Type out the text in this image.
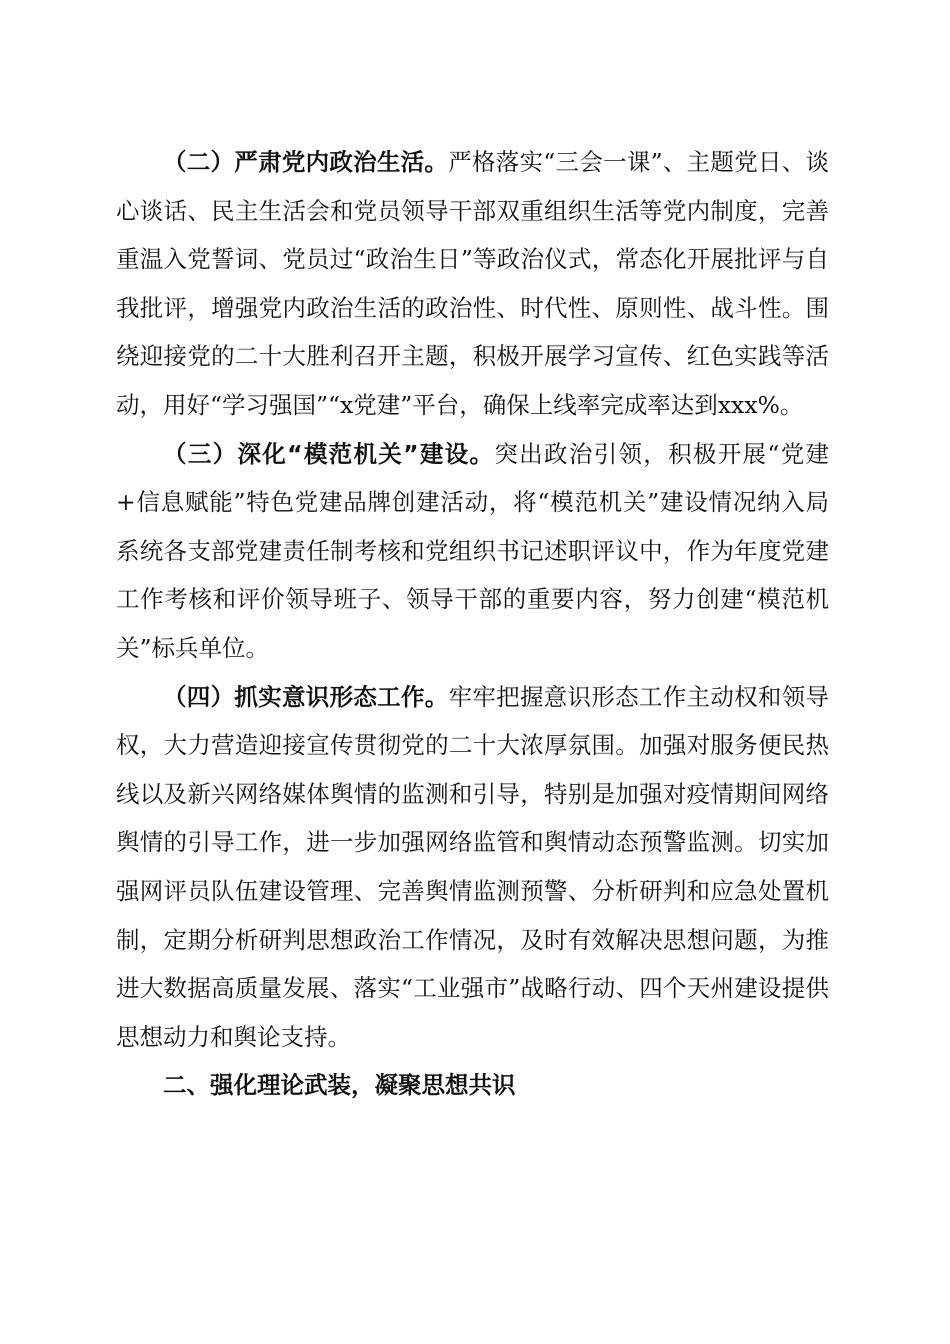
（二）严肃党内政治生活。严格落实“三会一课”、主题党日、谈心谈话、民主生活会和党员领导干部双重组织生活等党内制度，完善重温入党誓词、党员过“政治生日”等政治仪式，常态化开展批评与自我批评，增强党内政治生活的政治性、时代性、原则性、战斗性。围绕迎接党的二十大胜利召开主题，积极开展学习宣传、红色实践等活动，用好“学习强国”“x党建”平台，确保上线率完成率达到xxx%。

（三）深化“模范机关”建设。突出政治引领，积极开展“党建+信息赋能”特色党建品牌创建活动，将“模范机关”建设情况纳入局系统各支部党建责任制考核和党组织书记述职评议中，作为年度党建工作考核和评价领导班子、领导干部的重要内容，努力创建“模范机关”标兵单位。

（四）抓实意识形态工作。牢牢把握意识形态工作主动权和领导权，大力营造迎接宣传贯彻党的二十大浓厚氛围。加强对服务便民热线以及新兴网络媒体舆情的监测和引导，特别是加强对疫情期间网络舆情的引导工作，进一步加强网络监管和舆情动态预警监测。切实加强网评员队伍建设管理、完善舆情监测预警、分析研判和应急处置机制，定期分析研判思想政治工作情况，及时有效解决思想问题，为推进大数据高质量发展、落实“工业强市”战略行动、四个天州建设提供思想动力和舆论支持。

二、强化理论武装，凝聚思想共识
